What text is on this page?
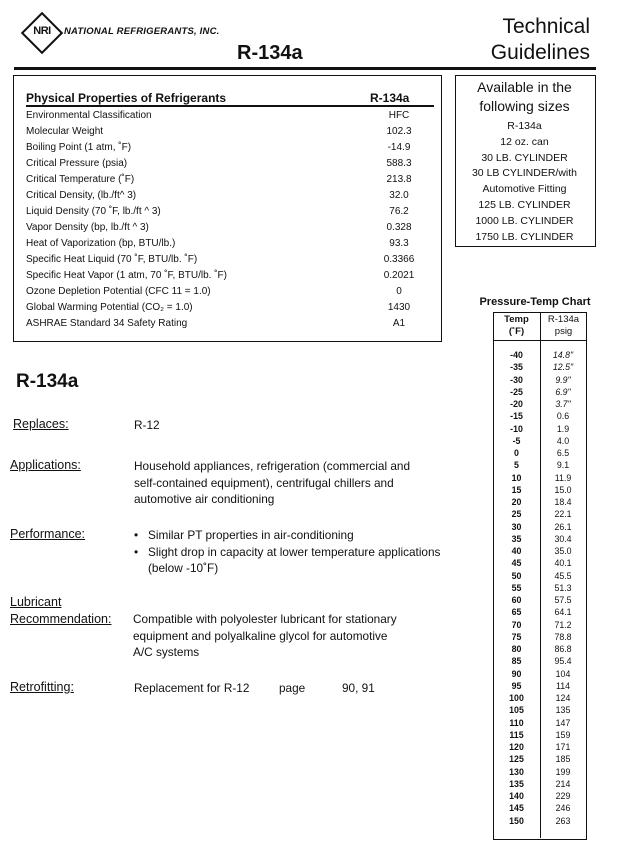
NRI	NATIONAL REFRIGERANTS, INC.
R-134a
Technical
Guidelines
Physical Properties of Refrigerants	R-134a
Environmental Classification	HFC
Molecular Weight	102.3
Boiling Point (1 atm, ˚F)	-14.9
Critical Pressure (psia)	588.3
Critical Temperature (˚F)	213.8
Critical Density, (lb./ft^ 3)	32.0
Liquid Density (70 ˚F, lb./ft ^ 3)	76.2
Vapor Density (bp, lb./ft ^ 3)	0.328
Heat of Vaporization (bp, BTU/lb.)	93.3
Specific Heat Liquid (70 ˚F, BTU/lb. ˚F)	0.3366
Specific Heat Vapor (1 atm, 70 ˚F, BTU/lb. ˚F)	0.2021
Ozone Depletion Potential (CFC 11 = 1.0)	0
Global Warming Potential (CO₂ = 1.0)	1430
ASHRAE Standard 34 Safety Rating	A1
Available in the
following sizes
R-134a
12 oz. can
30 LB. CYLINDER
30 LB CYLINDER/with
Automotive Fitting
125 LB. CYLINDER
1000 LB. CYLINDER
1750 LB. CYLINDER
R-134a
Replaces:	R-12
Applications:	Household appliances, refrigeration (commercial and
self-contained equipment), centrifugal chillers and
automotive air conditioning
Performance:	• Similar PT properties in air-conditioning
• Slight drop in capacity at lower temperature applications
(below -10˚F)
Lubricant
Recommendation: Compatible with polyolester lubricant for stationary
equipment and polyalkaline glycol for automotive
A/C systems
Retrofitting:	Replacement for R-12	page	90, 91
Pressure-Temp Chart
Temp
(˚F)
R-134a
psig
-40	14.8"
-35	12.5"
-30	9.9"
-25	6.9"
-20	3.7"
-15	0.6
-10	1.9
-5	4.0
0	6.5
5	9.1
10	11.9
15	15.0
20	18.4
25	22.1
30	26.1
35	30.4
40	35.0
45	40.1
50	45.5
55	51.3
60	57.5
65	64.1
70	71.2
75	78.8
80	86.8
85	95.4
90	104
95	114
100	124
105	135
110	147
115	159
120	171
125	185
130	199
135	214
140	229
145	246
150	263
